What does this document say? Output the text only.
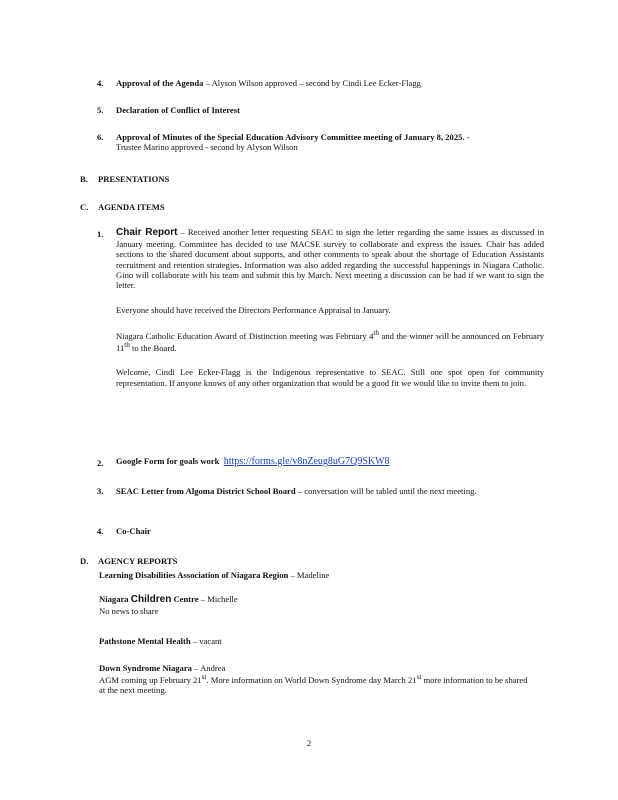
4. Approval of the Agenda – Alyson Wilson approved – second by Cindi Lee Ecker-Flagg
5. Declaration of Conflict of Interest
6. Approval of Minutes of the Special Education Advisory Committee meeting of January 8, 2025. -
Trustee Marino approved - second by Alyson Wilson
B. PRESENTATIONS
C. AGENDA ITEMS
1. Chair Report – Received another letter requesting SEAC to sign the letter regarding the same issues as discussed in January meeting. Committee has decided to use MACSE survey to collaborate and express the issues. Chair has added sections to the shared document about supports, and other comments to speak about the shortage of Education Assistants recruitment and retention strategies. Information was also added regarding the successful happenings in Niagara Catholic. Gino will collaborate with his team and submit this by March. Next meeting a discussion can be had if we want to sign the letter.

Everyone should have received the Directors Performance Appraisal in January.

Niagara Catholic Education Award of Distinction meeting was February 4th and the winner will be announced on February 11th to the Board.

Welcome, Cindi Lee Ecker-Flagg is the Indigenous representative to SEAC. Still one spot open for community representation. If anyone knows of any other organization that would be a good fit we would like to invite them to join.

2. Google Form for goals work https://forms.gle/v8nZeug8uG7Q9SKW8
3. SEAC Letter from Algoma District School Board – conversation will be tabled until the next meeting.
4. Co-Chair
D. AGENCY REPORTS
Learning Disabilities Association of Niagara Region – Madeline

Niagara Children Centre – Michelle

No news to share

Pathstone Mental Health – vacant

Down Syndrome Niagara – Andrea

AGM coming up February 21st. More information on World Down Syndrome day March 21st more information to be shared at the next meeting.

2
